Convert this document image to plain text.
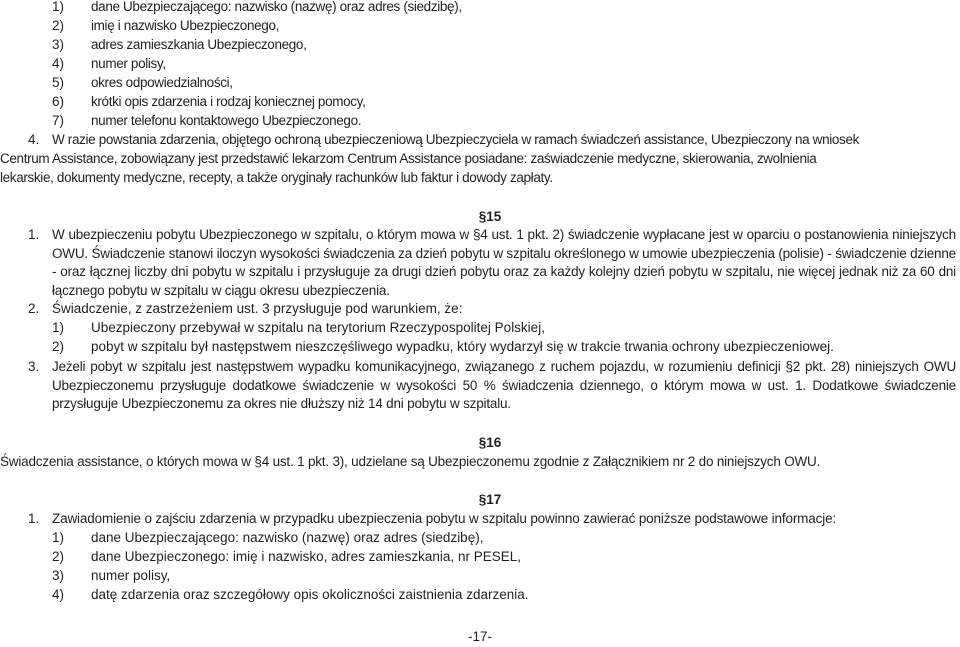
1) dane Ubezpieczającego: nazwisko (nazwę) oraz adres (siedzibę),
2) imię i nazwisko Ubezpieczonego,
3) adres zamieszkania Ubezpieczonego,
4) numer polisy,
5) okres odpowiedzialności,
6) krótki opis zdarzenia i rodzaj koniecznej pomocy,
7) numer telefonu kontaktowego Ubezpieczonego.
4. W razie powstania zdarzenia, objętego ochroną ubezpieczeniową Ubezpieczyciela w ramach świadczeń assistance, Ubezpieczony na wniosek
Centrum Assistance, zobowiązany jest przedstawić lekarzom Centrum Assistance posiadane: zaświadczenie medyczne, skierowania, zwolnienia
lekarskie, dokumenty medyczne, recepty, a także oryginały rachunków lub faktur i dowody zapłaty.
§15
1. W ubezpieczeniu pobytu Ubezpieczonego w szpitalu, o którym mowa w §4 ust. 1 pkt. 2) świadczenie wypłacane jest w oparciu o postanowienia niniejszych OWU. Świadczenie stanowi iloczyn wysokości świadczenia za dzień pobytu w szpitalu określonego w umowie ubezpieczenia (polisie) - świadczenie dzienne - oraz łącznej liczby dni pobytu w szpitalu i przysługuje za drugi dzień pobytu oraz za każdy kolejny dzień pobytu w szpitalu, nie więcej jednak niż za 60 dni łącznego pobytu w szpitalu w ciągu okresu ubezpieczenia.
2. Świadczenie, z zastrzeżeniem ust. 3 przysługuje pod warunkiem, że:
1) Ubezpieczony przebywał w szpitalu na terytorium Rzeczypospolitej Polskiej,
2) pobyt w szpitalu był następstwem nieszczęśliwego wypadku, który wydarzył się w trakcie trwania ochrony ubezpieczeniowej.
3. Jeżeli pobyt w szpitalu jest następstwem wypadku komunikacyjnego, związanego z ruchem pojazdu, w rozumieniu definicji §2 pkt. 28) niniejszych OWU Ubezpieczonemu przysługuje dodatkowe świadczenie w wysokości 50 % świadczenia dziennego, o którym mowa w ust. 1. Dodatkowe świadczenie przysługuje Ubezpieczonemu za okres nie dłuższy niż 14 dni pobytu w szpitalu.
§16
Świadczenia assistance, o których mowa w §4 ust. 1 pkt. 3), udzielane są Ubezpieczonemu zgodnie z Załącznikiem nr 2 do niniejszych OWU.
§17
1. Zawiadomienie o zajściu zdarzenia w przypadku ubezpieczenia pobytu w szpitalu powinno zawierać poniższe podstawowe informacje:
1) dane Ubezpieczającego: nazwisko (nazwę) oraz adres (siedzibę),
2) dane Ubezpieczonego: imię i nazwisko, adres zamieszkania, nr PESEL,
3) numer polisy,
4) datę zdarzenia oraz szczegółowy opis okoliczności zaistnienia zdarzenia.
-17-
